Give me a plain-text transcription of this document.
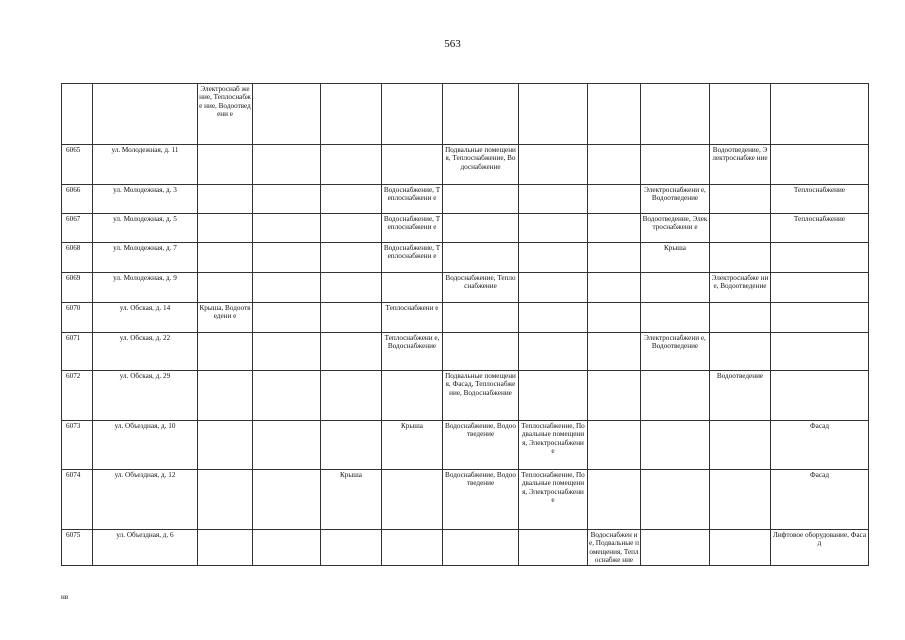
563
		Электроснаб жение, Теплоснабже ние, Водоотведени е									
6065	ул. Молодежная, д. 11					Подвальные помещения, Теплоснабжение, Водоснабжение				Водоотведение, Электроснабже ние	
6066	ул. Молодежная, д. 3				Водоснабжение, Теплоснабжени е				Электроснабжени е, Водоотведение		Теплоснабжение
6067	ул. Молодежная, д. 5				Водоснабжение, Теплоснабжени е				Водоотведение, Электроснабжени е		Теплоснабжение
6068	ул. Молодежная, д. 7				Водоснабжение, Теплоснабжени е				Крыша		
6069	ул. Молодежная, д. 9					Водоснабжение, Теплоснабжение				Электроснабже ние, Водоотведение	
6070	ул. Обская, д. 14	Крыша, Водоотведени е			Теплоснабжени е						
6071	ул. Обская, д. 22				Теплоснабжени е, Водоснабжение				Электроснабжени е, Водоотведение		
6072	ул. Обская, д. 29					Подвальные помещения, Фасад, Теплоснабжение, Водоснабжение				Водоотведение	
6073	ул. Объездная, д. 10				Крыша	Водоснабжение, Водоотведение	Теплоснабжение, Подвальные помещения, Электроснабжени е				Фасад
6074	ул. Объездная, д. 12			Крыша		Водоснабжение, Водоотведение	Теплоснабжение, Подвальные помещения, Электроснабжени е				Фасад
6075	ул. Объездная, д. 6							Водоснабжен ие, Подвальные помещения, Теплоснабже ние			Лифтовое оборудование, Фасад
нв
